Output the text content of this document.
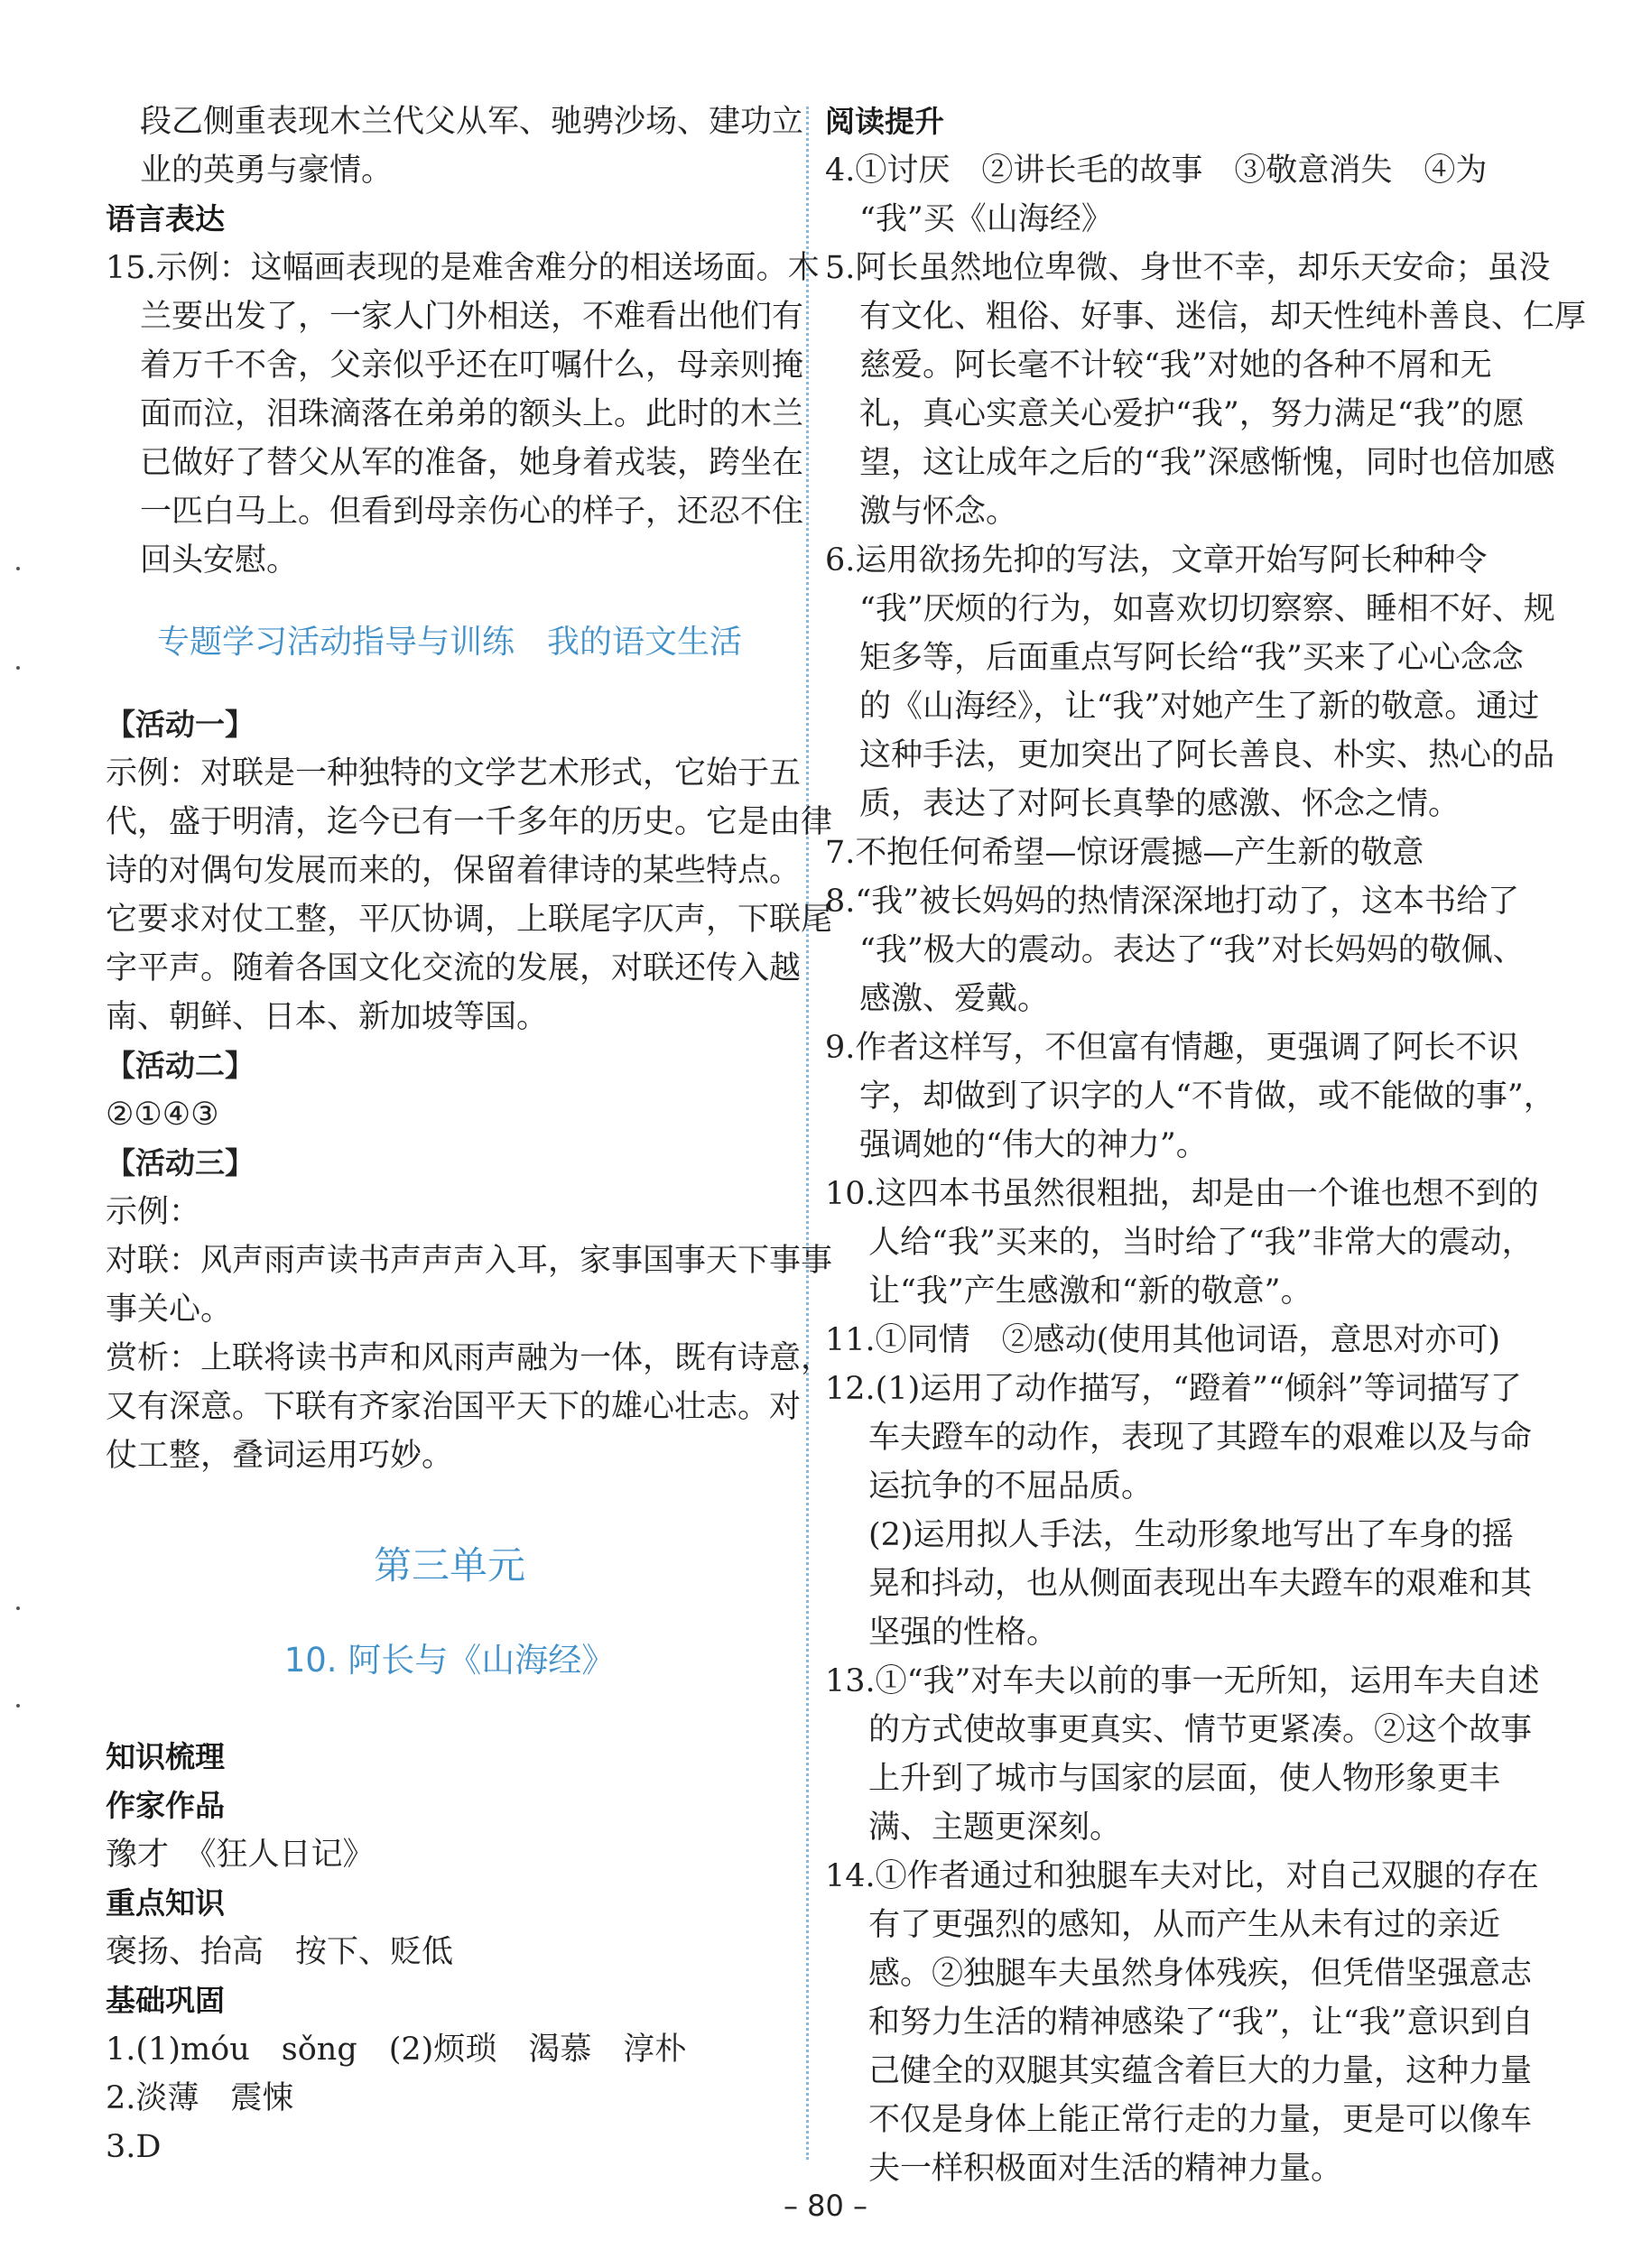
段乙侧重表现木兰代父从军、驰骋沙场、建功立
业的英勇与豪情。
语言表达
15.示例：这幅画表现的是难舍难分的相送场面。木
兰要出发了，一家人门外相送，不难看出他们有
着万千不舍，父亲似乎还在叮嘱什么，母亲则掩
面而泣，泪珠滴落在弟弟的额头上。此时的木兰
已做好了替父从军的准备，她身着戎装，跨坐在
一匹白马上。但看到母亲伤心的样子，还忍不住
回头安慰。
专题学习活动指导与训练　我的语文生活
【活动一】
示例：对联是一种独特的文学艺术形式，它始于五
代，盛于明清，迄今已有一千多年的历史。它是由律
诗的对偶句发展而来的，保留着律诗的某些特点。
它要求对仗工整，平仄协调，上联尾字仄声，下联尾
字平声。随着各国文化交流的发展，对联还传入越
南、朝鲜、日本、新加坡等国。
【活动二】
②①④③
【活动三】
示例：
对联：风声雨声读书声声声入耳，家事国事天下事事
事关心。
赏析：上联将读书声和风雨声融为一体，既有诗意，
又有深意。下联有齐家治国平天下的雄心壮志。对
仗工整，叠词运用巧妙。
第三单元
10. 阿长与《山海经》
知识梳理
作家作品
豫才　《狂人日记》
重点知识
褒扬、抬高　按下、贬低
基础巩固
1.(1)móu　sǒng　(2)烦琐　渴慕　淳朴
2.淡薄　震悚
3.D
阅读提升
4.①讨厌　②讲长毛的故事　③敬意消失　④为
“我”买《山海经》
5.阿长虽然地位卑微、身世不幸，却乐天安命；虽没
有文化、粗俗、好事、迷信，却天性纯朴善良、仁厚
慈爱。阿长毫不计较“我”对她的各种不屑和无
礼，真心实意关心爱护“我”，努力满足“我”的愿
望，这让成年之后的“我”深感惭愧，同时也倍加感
激与怀念。
6.运用欲扬先抑的写法，文章开始写阿长种种令
“我”厌烦的行为，如喜欢切切察察、睡相不好、规
矩多等，后面重点写阿长给“我”买来了心心念念
的《山海经》，让“我”对她产生了新的敬意。通过
这种手法，更加突出了阿长善良、朴实、热心的品
质，表达了对阿长真挚的感激、怀念之情。
7.不抱任何希望—惊讶震撼—产生新的敬意
8.“我”被长妈妈的热情深深地打动了，这本书给了
“我”极大的震动。表达了“我”对长妈妈的敬佩、
感激、爱戴。
9.作者这样写，不但富有情趣，更强调了阿长不识
字，却做到了识字的人“不肯做，或不能做的事”，
强调她的“伟大的神力”。
10.这四本书虽然很粗拙，却是由一个谁也想不到的
人给“我”买来的，当时给了“我”非常大的震动，
让“我”产生感激和“新的敬意”。
11.①同情　②感动(使用其他词语，意思对亦可)
12.(1)运用了动作描写，“蹬着”“倾斜”等词描写了
车夫蹬车的动作，表现了其蹬车的艰难以及与命
运抗争的不屈品质。
(2)运用拟人手法，生动形象地写出了车身的摇
晃和抖动，也从侧面表现出车夫蹬车的艰难和其
坚强的性格。
13.①“我”对车夫以前的事一无所知，运用车夫自述
的方式使故事更真实、情节更紧凑。②这个故事
上升到了城市与国家的层面，使人物形象更丰
满、主题更深刻。
14.①作者通过和独腿车夫对比，对自己双腿的存在
有了更强烈的感知，从而产生从未有过的亲近
感。②独腿车夫虽然身体残疾，但凭借坚强意志
和努力生活的精神感染了“我”，让“我”意识到自
己健全的双腿其实蕴含着巨大的力量，这种力量
不仅是身体上能正常行走的力量，更是可以像车
夫一样积极面对生活的精神力量。
– 80 –
